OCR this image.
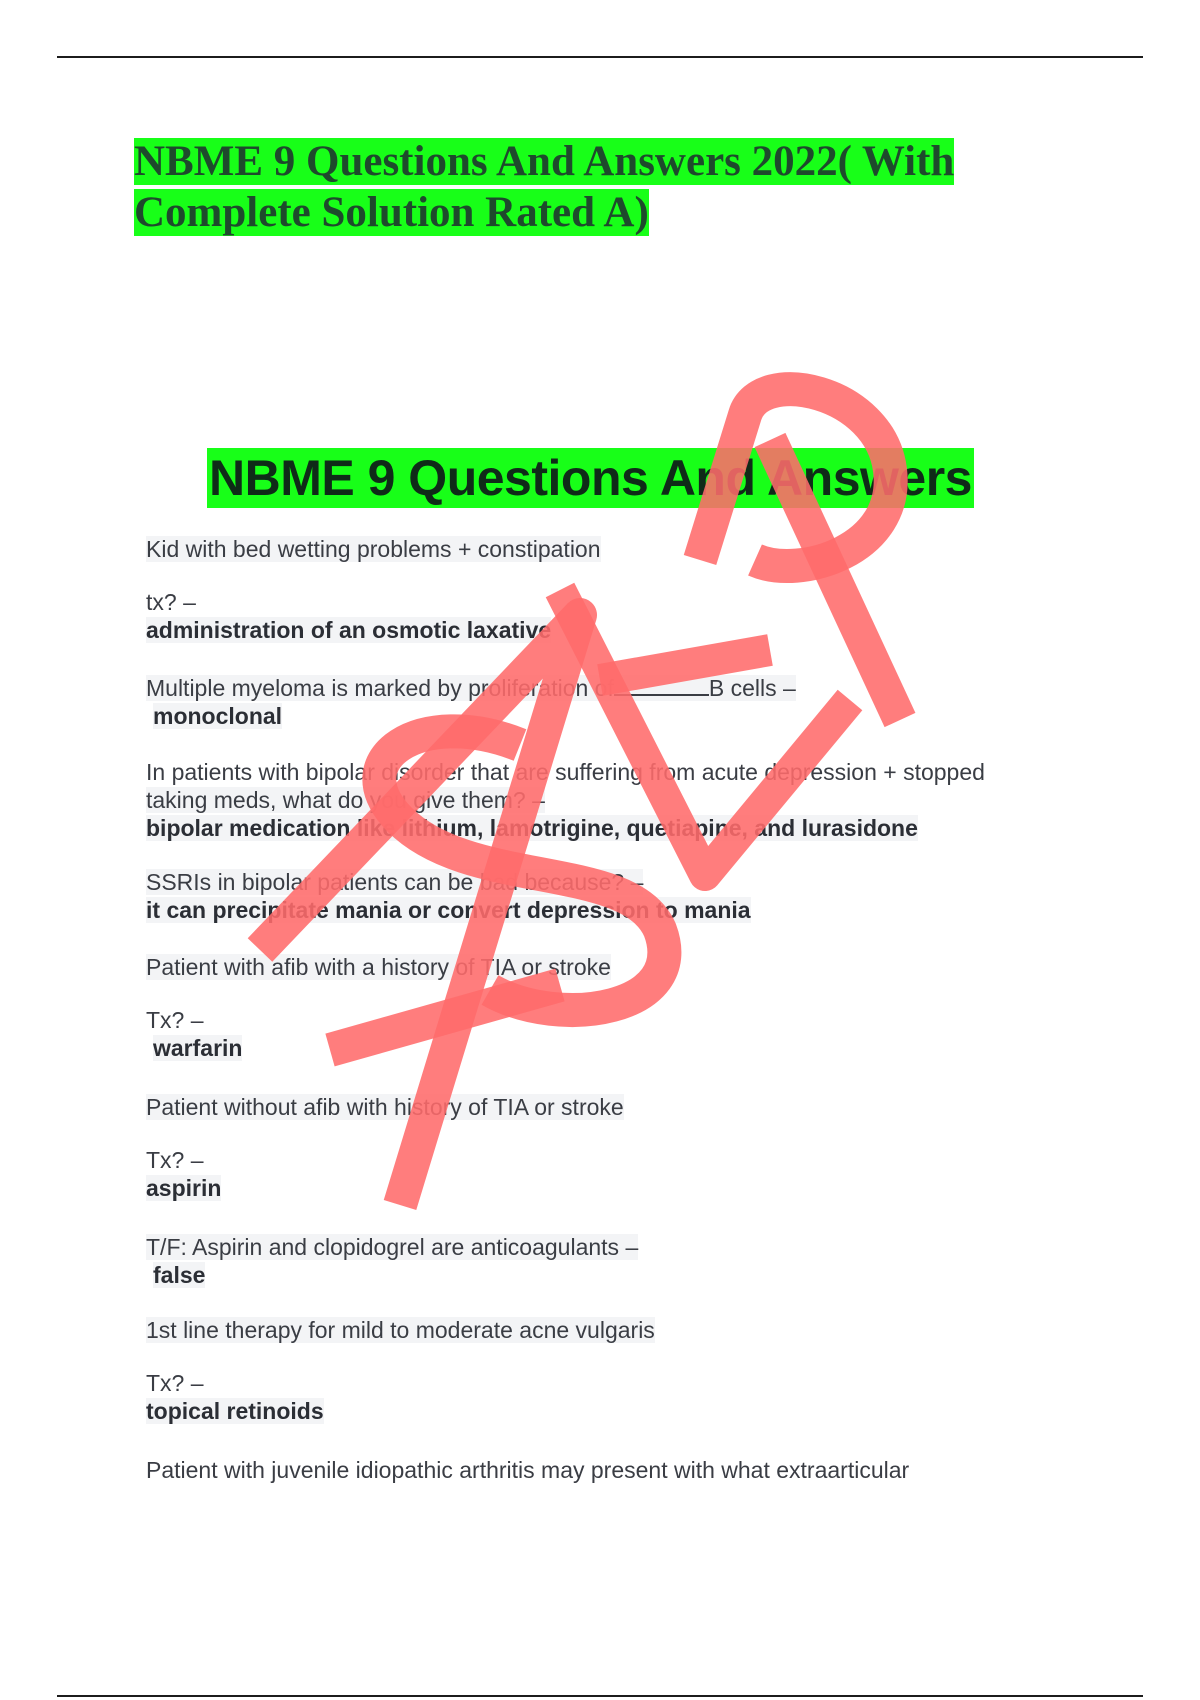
NBME 9 Questions And Answers 2022( With Complete Solution Rated A)
NBME 9 Questions And Answers

Kid with bed wetting problems + constipation

tx? –

administration of an osmotic laxative

Multiple myeloma is marked by proliferation of	B cells –

monoclonal

In patients with bipolar disorder that are suffering from acute depression + stopped

taking meds, what do you give them? –

bipolar medication like lithium, lamotrigine, quetiapine, and lurasidone

SSRIs in bipolar patients can be bad because? –

it can precipitate mania or convert depression to mania

Patient with afib with a history of TIA or stroke

Tx? –

warfarin

Patient without afib with history of TIA or stroke

Tx? –

aspirin

T/F: Aspirin and clopidogrel are anticoagulants –

false

1st line therapy for mild to moderate acne vulgaris

Tx? –

topical retinoids

Patient with juvenile idiopathic arthritis may present with what extraarticular
